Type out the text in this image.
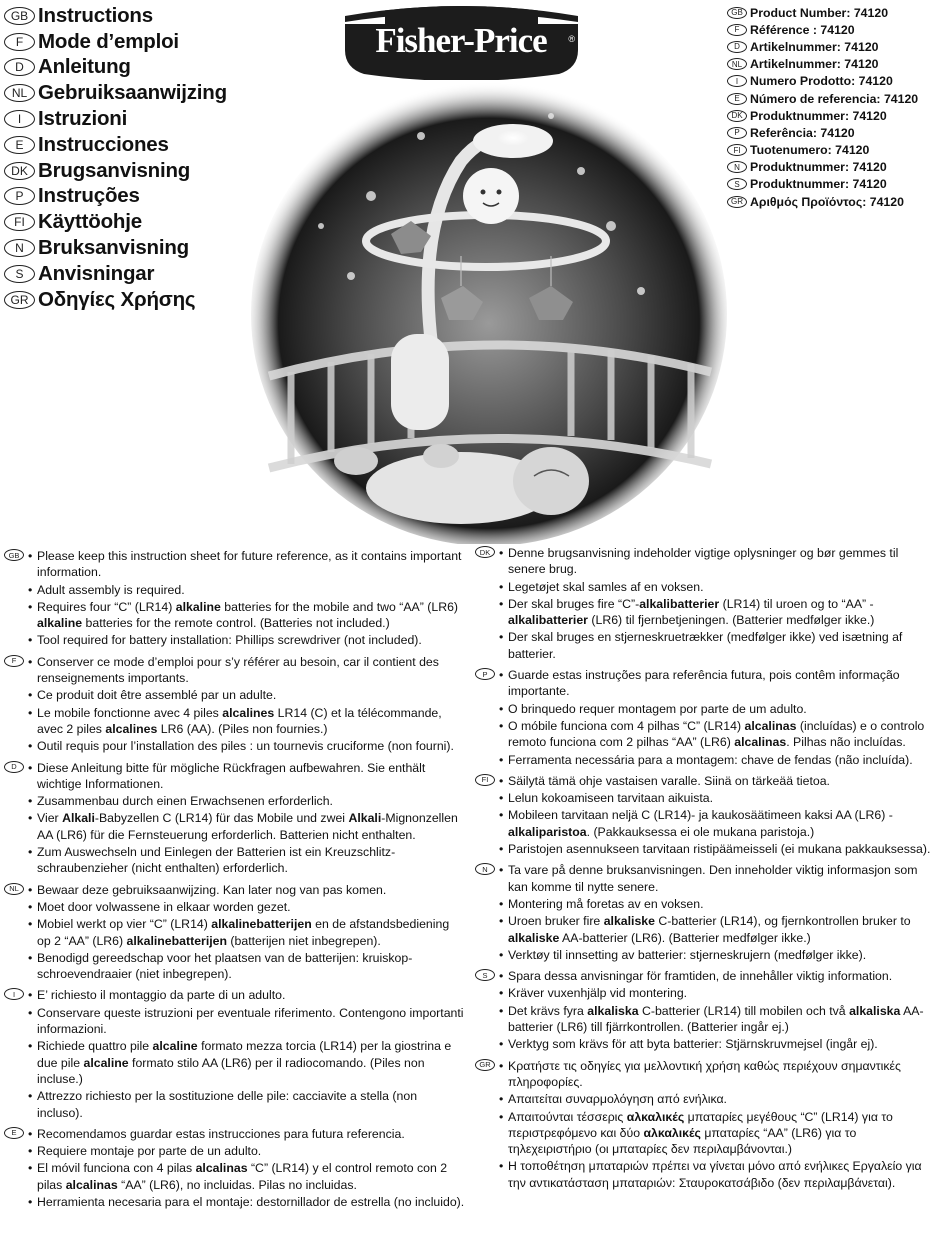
GB Instructions
F Mode d’emploi
D Anleitung
NL Gebruiksaanwijzing
I Istruzioni
E Instrucciones
DK Brugsanvisning
P Instruções
FI Käyttöohje
N Bruksanvisning
S Anvisningar
GR Οδηγίες Χρήσης
Fisher-Price ®
GB Product Number: 74120
F Référence : 74120
D Artikelnummer: 74120
NL Artikelnummer: 74120
I Numero Prodotto: 74120
E Número de referencia: 74120
DK Produktnummer: 74120
P Referência: 74120
FI Tuotenumero: 74120
N Produktnummer: 74120
S Produktnummer: 74120
GR Αριθμός Προϊόντος: 74120
GB	• Please keep this instruction sheet for future reference, as it contains important information.
• Adult assembly is required.
• Requires four “C” (LR14) alkaline batteries for the mobile and two “AA” (LR6) alkaline batteries for the remote control. (Batteries not included.)
• Tool required for battery installation: Phillips screwdriver (not included).
F	• Conserver ce mode d’emploi pour s’y référer au besoin, car il contient des renseignements importants.
• Ce produit doit être assemblé par un adulte.
• Le mobile fonctionne avec 4 piles alcalines LR14 (C) et la télécommande, avec 2 piles alcalines LR6 (AA). (Piles non fournies.)
• Outil requis pour l’installation des piles : un tournevis cruciforme (non fourni).
D	• Diese Anleitung bitte für mögliche Rückfragen aufbewahren. Sie enthält wichtige Informationen.
• Zusammenbau durch einen Erwachsenen erforderlich.
• Vier Alkali-Babyzellen C (LR14) für das Mobile und zwei Alkali-Mignonzellen AA (LR6) für die Fernsteuerung erforderlich. Batterien nicht enthalten.
• Zum Auswechseln und Einlegen der Batterien ist ein Kreuzschlitz-schraubenzieher (nicht enthalten) erforderlich.
NL	• Bewaar deze gebruiksaanwijzing. Kan later nog van pas komen.
• Moet door volwassene in elkaar worden gezet.
• Mobiel werkt op vier “C” (LR14) alkalinebatterijen en de afstandsbediening op 2 “AA” (LR6) alkalinebatterijen (batterijen niet inbegrepen).
• Benodigd gereedschap voor het plaatsen van de batterijen: kruiskop-schroevendraaier (niet inbegrepen).
I	• E’ richiesto il montaggio da parte di un adulto.
• Conservare queste istruzioni per eventuale riferimento. Contengono importanti informazioni.
• Richiede quattro pile alcaline formato mezza torcia (LR14) per la giostrina e due pile alcaline formato stilo AA (LR6) per il radiocomando. (Piles non incluse.)
• Attrezzo richiesto per la sostituzione delle pile: cacciavite a stella (non incluso).
E	• Recomendamos guardar estas instrucciones para futura referencia.
• Requiere montaje por parte de un adulto.
• El móvil funciona con 4 pilas alcalinas “C” (LR14) y el control remoto con 2 pilas alcalinas “AA” (LR6), no incluidas. Pilas no incluidas.
• Herramienta necesaria para el montaje: destornillador de estrella (no incluido).
DK	• Denne brugsanvisning indeholder vigtige oplysninger og bør gemmes til senere brug.
• Legetøjet skal samles af en voksen.
• Der skal bruges fire “C”-alkalibatterier (LR14) til uroen og to “AA” -alkalibatterier (LR6) til fjernbetjeningen. (Batterier medfølger ikke.)
• Der skal bruges en stjerneskruetrækker (medfølger ikke) ved isætning af batterier.
P	• Guarde estas instruções para referência futura, pois contêm informação importante.
• O brinquedo requer montagem por parte de um adulto.
• O móbile funciona com 4 pilhas “C” (LR14) alcalinas (incluídas) e o controlo remoto funciona com 2 pilhas “AA” (LR6) alcalinas. Pilhas não incluídas.
• Ferramenta necessária para a montagem: chave de fendas (não incluída).
FI	• Säilytä tämä ohje vastaisen varalle. Siinä on tärkeää tietoa.
• Lelun kokoamiseen tarvitaan aikuista.
• Mobileen tarvitaan neljä C (LR14)- ja kaukosäätimeen kaksi AA (LR6) -alkaliparistoa. (Pakkauksessa ei ole mukana paristoja.)
• Paristojen asennukseen tarvitaan ristipäämeisseli (ei mukana pakkauksessa).
N	• Ta vare på denne bruksanvisningen. Den inneholder viktig informasjon som kan komme til nytte senere.
• Montering må foretas av en voksen.
• Uroen bruker fire alkaliske C-batterier (LR14), og fjernkontrollen bruker to alkaliske AA-batterier (LR6). (Batterier medfølger ikke.)
• Verktøy til innsetting av batterier: stjerneskrujern (medfølger ikke).
S	• Spara dessa anvisningar för framtiden, de innehåller viktig information.
• Kräver vuxenhjälp vid montering.
• Det krävs fyra alkaliska C-batterier (LR14) till mobilen och två alkaliska AA-batterier (LR6) till fjärrkontrollen. (Batterier ingår ej.)
• Verktyg som krävs för att byta batterier: Stjärnskruvmejsel (ingår ej).
GR	• Κρατήστε τις οδηγίες για μελλοντική χρήση καθώς περιέχουν σημαντικές πληροφορίες.
• Απαιτείται συναρμολόγηση από ενήλικα.
• Απαιτούνται τέσσερις αλκαλικές μπαταρίες μεγέθους “C” (LR14) για το περιστρεφόμενο και δύο αλκαλικές μπαταρίες “AA” (LR6) για το τηλεχειριστήριο (οι μπαταρίες δεν περιλαμβάνονται.)
• Η τοποθέτηση μπαταριών πρέπει να γίνεται μόνο από ενήλικες Εργαλείο για την αντικατάσταση μπαταριών: Σταυροκατσάβιδο (δεν περιλαμβάνεται).
